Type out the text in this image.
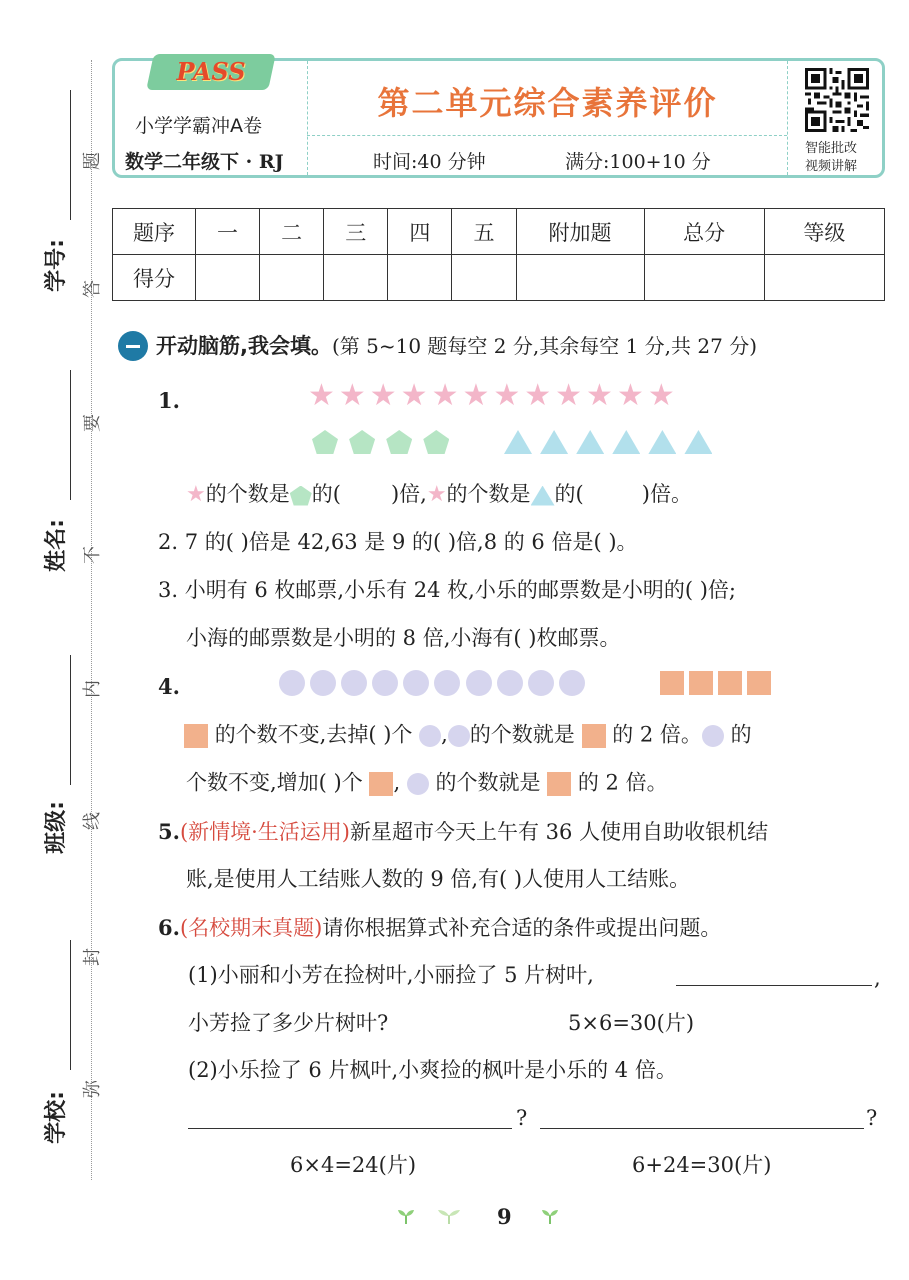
学号:
姓名:
班级:
学校:
题
答
要
不
内
线
封
弥
小学学霸冲A卷
数学二年级下 · RJ	时间:40 分钟	满分:100+10 分
智能批改
视频讲解
PASS
第二单元综合素养评价
题序	一	二	三	四	五	附加题	总分	等级
得分								
开动脑筋,我会填。(第 5~10 题每空 2 分,其余每空 1 分,共 27 分)
1.	★★★★★★★★★★★★

★的个数是 的( )倍,★的个数是 的(	)倍。
2. 7 的( )倍是 42,63 是 9 的( )倍,8 的 6 倍是( )。
3. 小明有 6 枚邮票,小乐有 24 枚,小乐的邮票数是小明的( )倍;
小海的邮票数是小明的 8 倍,小海有( )枚邮票。
4.

的个数不变,去掉( )个 , 的个数就是 的 2 倍。 的
个数不变,增加( )个 , 的个数就是 的 2 倍。
5.(新情境·生活运用)新星超市今天上午有 36 人使用自助收银机结
账,是使用人工结账人数的 9 倍,有( )人使用人工结账。
6.(名校期末真题)请你根据算式补充合适的条件或提出问题。
(1)小丽和小芳在捡树叶,小丽捡了 5 片树叶,	,
小芳捡了多少片树叶?	5×6=30(片)
(2)小乐捡了 6 片枫叶,小爽捡的枫叶是小乐的 4 倍。
?	?
6×4=24(片)	6+24=30(片)
9
